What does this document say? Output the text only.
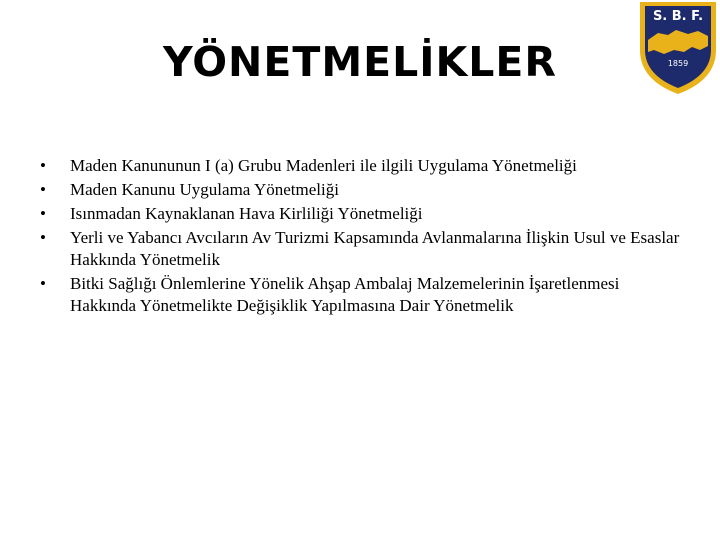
YÖNETMELİKLER
S. B. F.
1859
• Maden Kanununun I (a) Grubu Madenleri ile ilgili Uygulama Yönetmeliği
• Maden Kanunu Uygulama Yönetmeliği
• Isınmadan Kaynaklanan Hava Kirliliği Yönetmeliği
• Yerli ve Yabancı Avcıların Av Turizmi Kapsamında Avlanmalarına İlişkin Usul ve Esaslar Hakkında Yönetmelik
• Bitki Sağlığı Önlemlerine Yönelik Ahşap Ambalaj Malzemelerinin İşaretlenmesi Hakkında Yönetmelikte Değişiklik Yapılmasına Dair Yönetmelik
